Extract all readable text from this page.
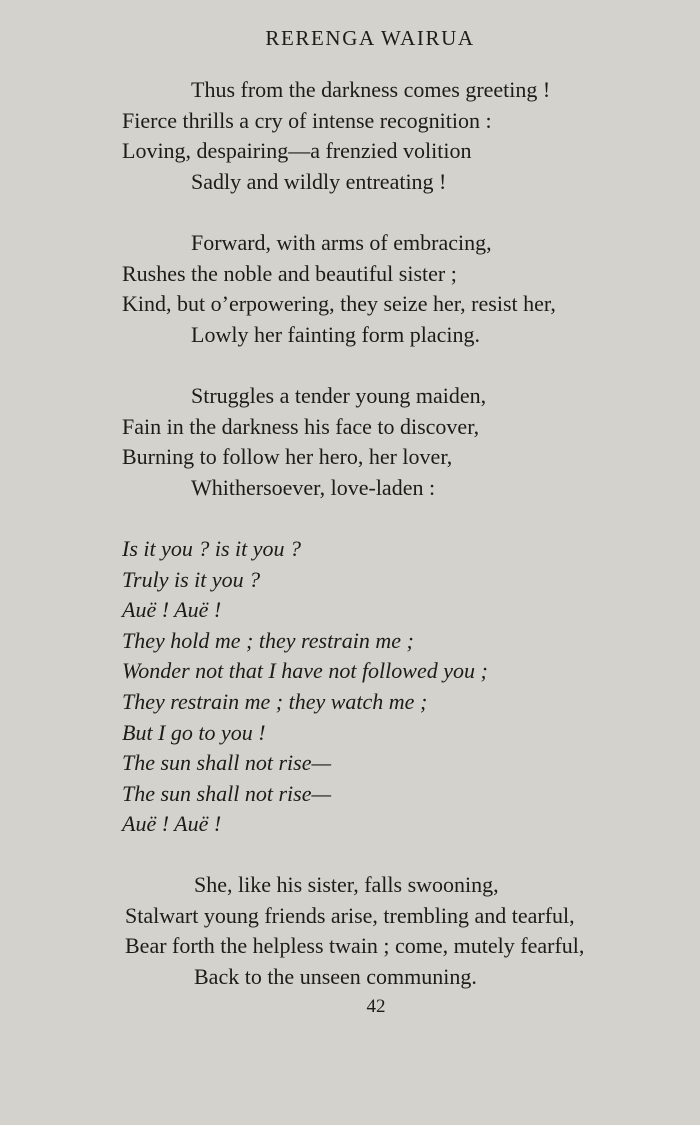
RERENGA WAIRUA
Thus from the darkness comes greeting !
Fierce thrills a cry of intense recognition :
Loving, despairing—a frenzied volition
Sadly and wildly entreating !
Forward, with arms of embracing,
Rushes the noble and beautiful sister ;
Kind, but o’erpowering, they seize her, resist her,
Lowly her fainting form placing.
Struggles a tender young maiden,
Fain in the darkness his face to discover,
Burning to follow her hero, her lover,
Whithersoever, love-laden :
Is it you ? is it you ?
Truly is it you ?
Auë ! Auë !
They hold me ; they restrain me ;
Wonder not that I have not followed you ;
They restrain me ; they watch me ;
But I go to you !
The sun shall not rise—
The sun shall not rise—
Auë ! Auë !
She, like his sister, falls swooning,
Stalwart young friends arise, trembling and tearful,
Bear forth the helpless twain ; come, mutely fearful,
Back to the unseen communing.
42
